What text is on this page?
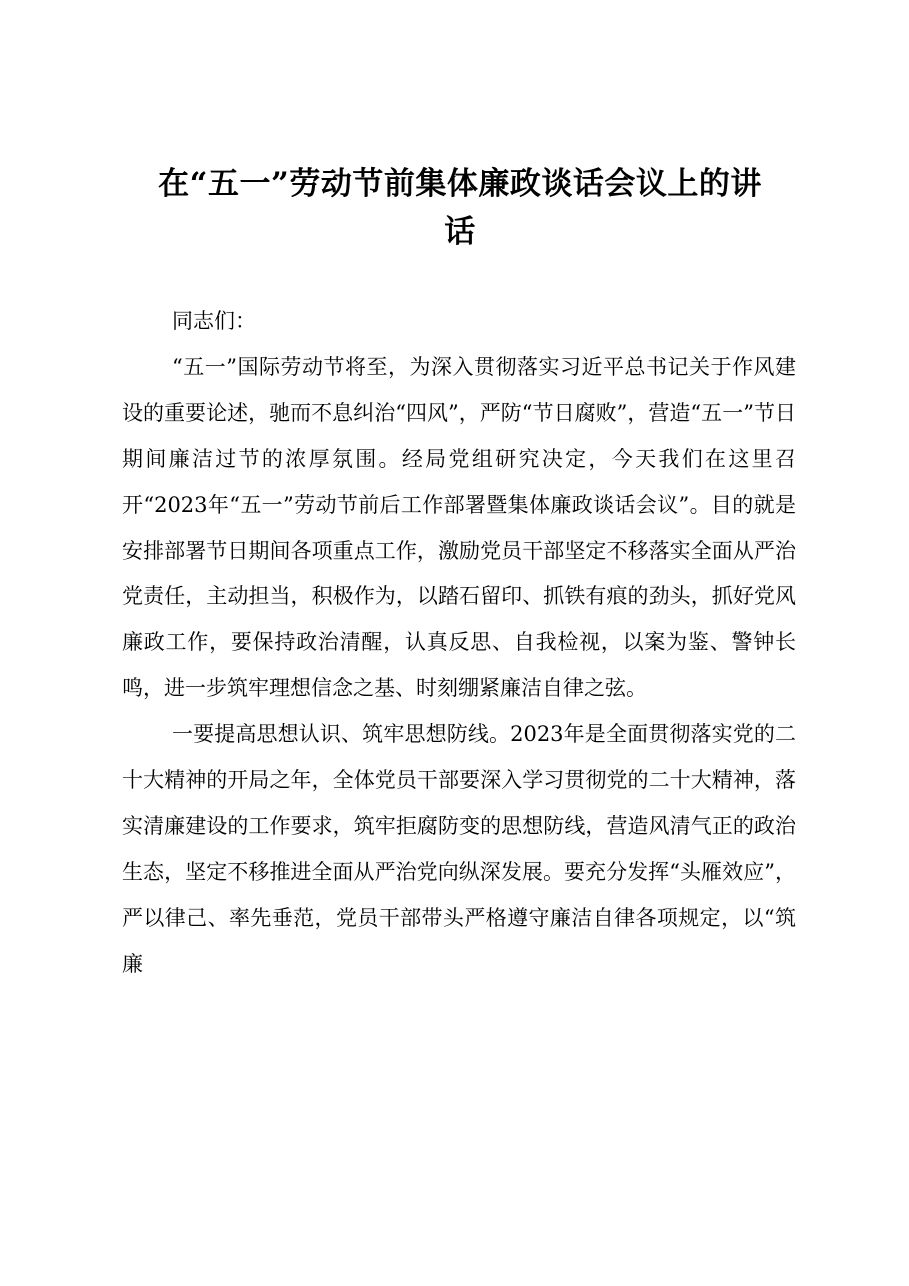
在“五一”劳动节前集体廉政谈话会议上的讲
话

同志们：

“五一”国际劳动节将至，为深入贯彻落实习近平总书记关于作风建设的重要论述，驰而不息纠治“四风”，严防“节日腐败”，营造“五一”节日期间廉洁过节的浓厚氛围。经局党组研究决定，今天我们在这里召开“2023年“五一”劳动节前后工作部署暨集体廉政谈话会议”。目的就是安排部署节日期间各项重点工作，激励党员干部坚定不移落实全面从严治党责任，主动担当，积极作为，以踏石留印、抓铁有痕的劲头，抓好党风廉政工作，要保持政治清醒，认真反思、自我检视，以案为鉴、警钟长鸣，进一步筑牢理想信念之基、时刻绷紧廉洁自律之弦。

一要提高思想认识、筑牢思想防线。2023年是全面贯彻落实党的二十大精神的开局之年，全体党员干部要深入学习贯彻党的二十大精神，落实清廉建设的工作要求，筑牢拒腐防变的思想防线，营造风清气正的政治生态，坚定不移推进全面从严治党向纵深发展。要充分发挥“头雁效应”，严以律己、率先垂范，党员干部带头严格遵守廉洁自律各项规定，以“筑廉
